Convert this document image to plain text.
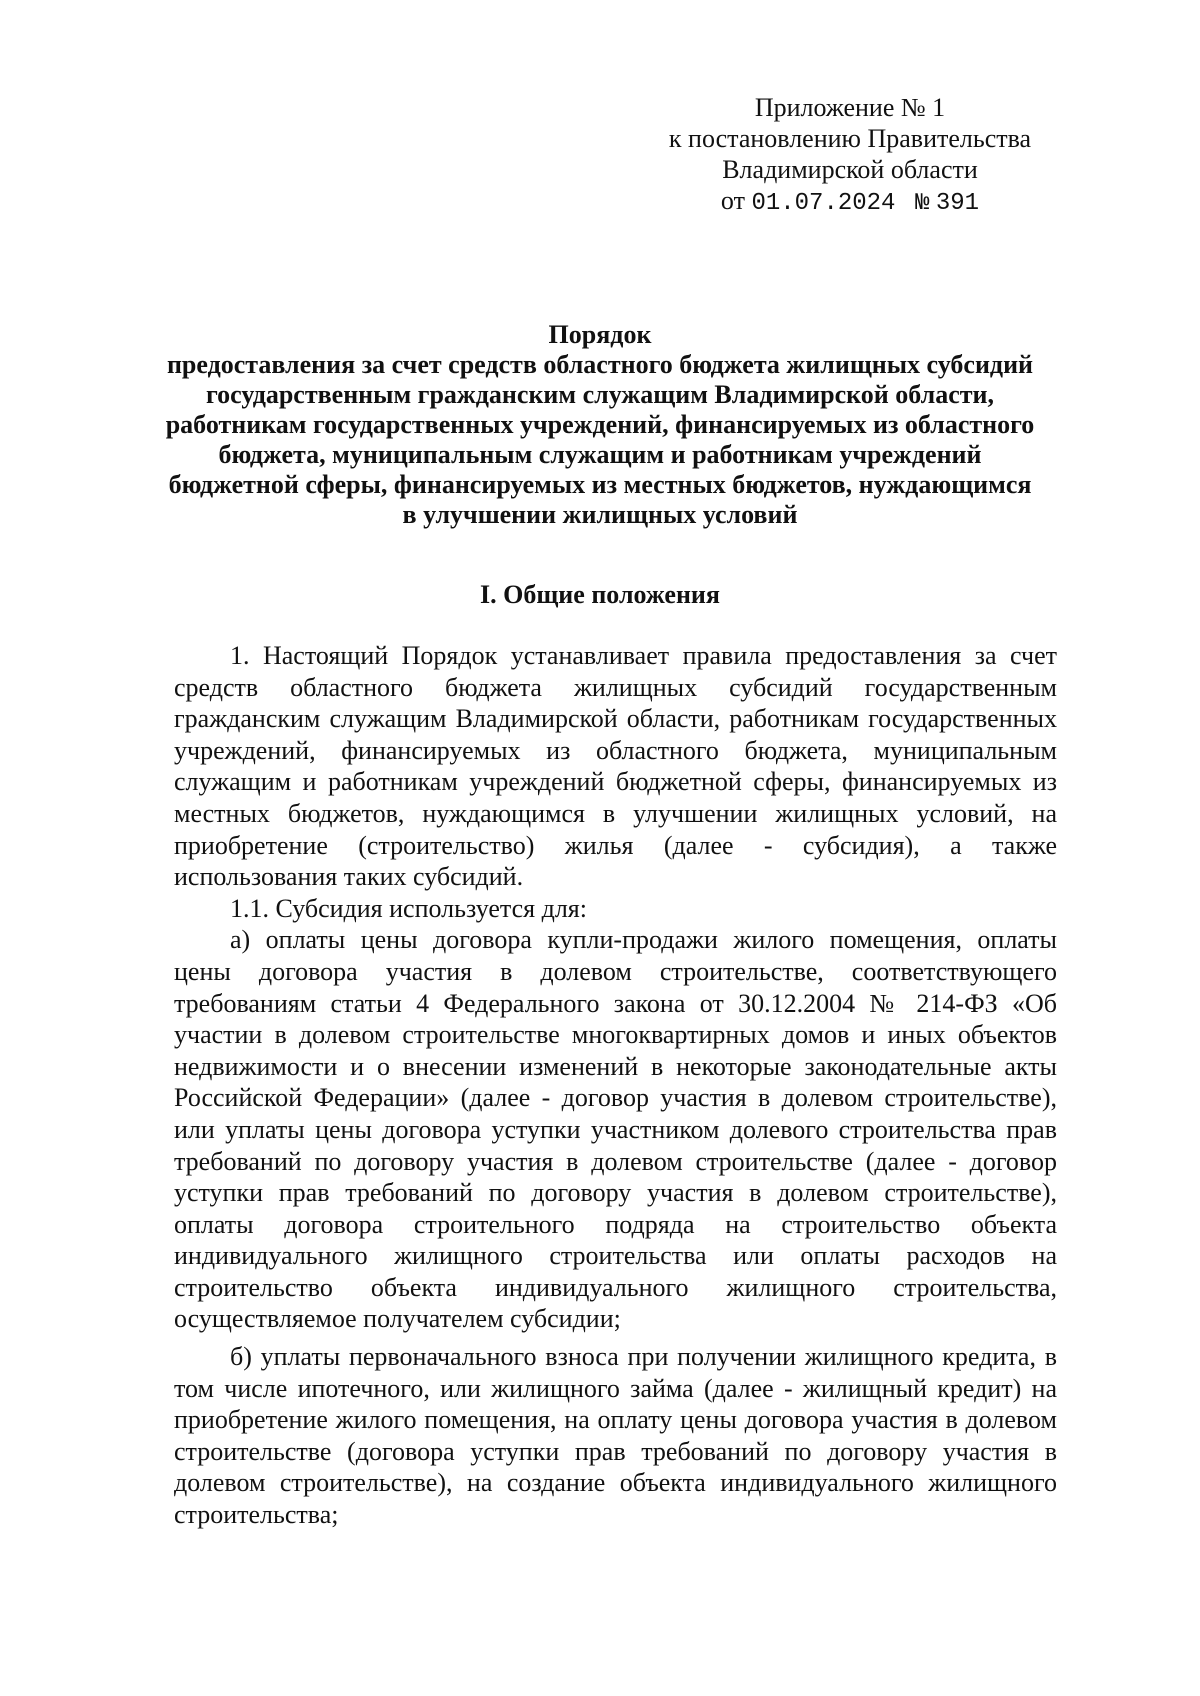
Приложение № 1
к постановлению Правительства
Владимирской области
от 01.07.2024 № 391
Порядок
предоставления за счет средств областного бюджета жилищных субсидий
государственным гражданским служащим Владимирской области,
работникам государственных учреждений, финансируемых из областного
бюджета, муниципальным служащим и работникам учреждений
бюджетной сферы, финансируемых из местных бюджетов, нуждающимся
в улучшении жилищных условий
I. Общие положения

1. Настоящий Порядок устанавливает правила предоставления за счет средств областного бюджета жилищных субсидий государственным гражданским служащим Владимирской области, работникам государственных учреждений, финансируемых из областного бюджета, муниципальным служащим и работникам учреждений бюджетной сферы, финансируемых из местных бюджетов, нуждающимся в улучшении жилищных условий, на приобретение (строительство) жилья (далее - субсидия), а также использования таких субсидий.

1.1. Субсидия используется для:

а) оплаты цены договора купли-продажи жилого помещения, оплаты цены договора участия в долевом строительстве, соответствующего требованиям статьи 4 Федерального закона от 30.12.2004 № 214-ФЗ «Об участии в долевом строительстве многоквартирных домов и иных объектов недвижимости и о внесении изменений в некоторые законодательные акты Российской Федерации» (далее - договор участия в долевом строительстве), или уплаты цены договора уступки участником долевого строительства прав требований по договору участия в долевом строительстве (далее - договор уступки прав требований по договору участия в долевом строительстве), оплаты договора строительного подряда на строительство объекта индивидуального жилищного строительства или оплаты расходов на строительство объекта индивидуального жилищного строительства, осуществляемое получателем субсидии;

б) уплаты первоначального взноса при получении жилищного кредита, в том числе ипотечного, или жилищного займа (далее - жилищный кредит) на приобретение жилого помещения, на оплату цены договора участия в долевом строительстве (договора уступки прав требований по договору участия в долевом строительстве), на создание объекта индивидуального жилищного строительства;
